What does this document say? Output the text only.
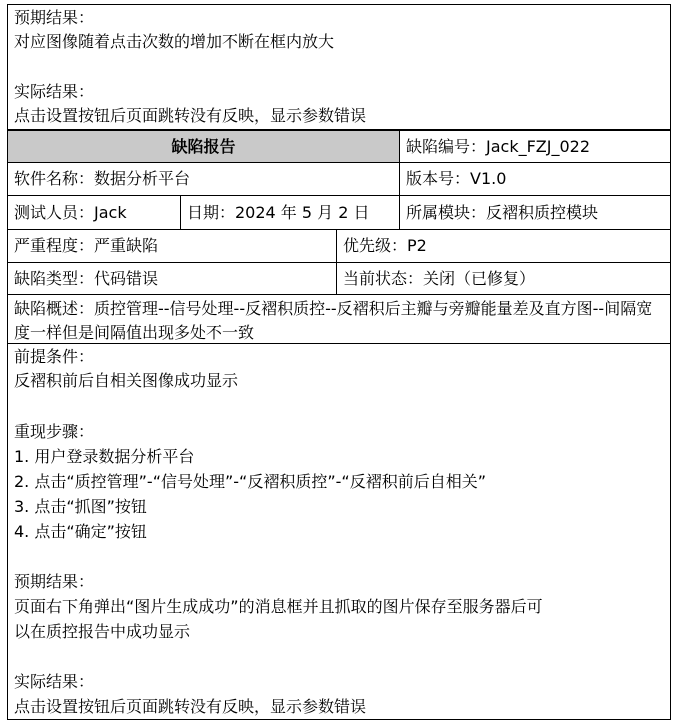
预期结果：
对应图像随着点击次数的增加不断在框内放大
实际结果：
点击设置按钮后页面跳转没有反映，显示参数错误
缺陷报告	缺陷编号：Jack_FZJ_022
软件名称：数据分析平台	版本号：V1.0
测试人员：Jack	日期：2024 年 5 月 2 日	所属模块：反褶积质控模块
严重程度：严重缺陷	优先级：P2
缺陷类型：代码错误	当前状态：关闭（已修复）
缺陷概述：质控管理--信号处理--反褶积质控--反褶积后主瓣与旁瓣能量差及直方图--间隔宽度一样但是间隔值出现多处不一致
前提条件：
反褶积前后自相关图像成功显示
重现步骤：
1. 用户登录数据分析平台
2. 点击“质控管理”-“信号处理”-“反褶积质控”-“反褶积前后自相关”
3. 点击“抓图”按钮
4. 点击“确定”按钮
预期结果：
页面右下角弹出“图片生成成功”的消息框并且抓取的图片保存至服务器后可
以在质控报告中成功显示
实际结果：
点击设置按钮后页面跳转没有反映，显示参数错误
